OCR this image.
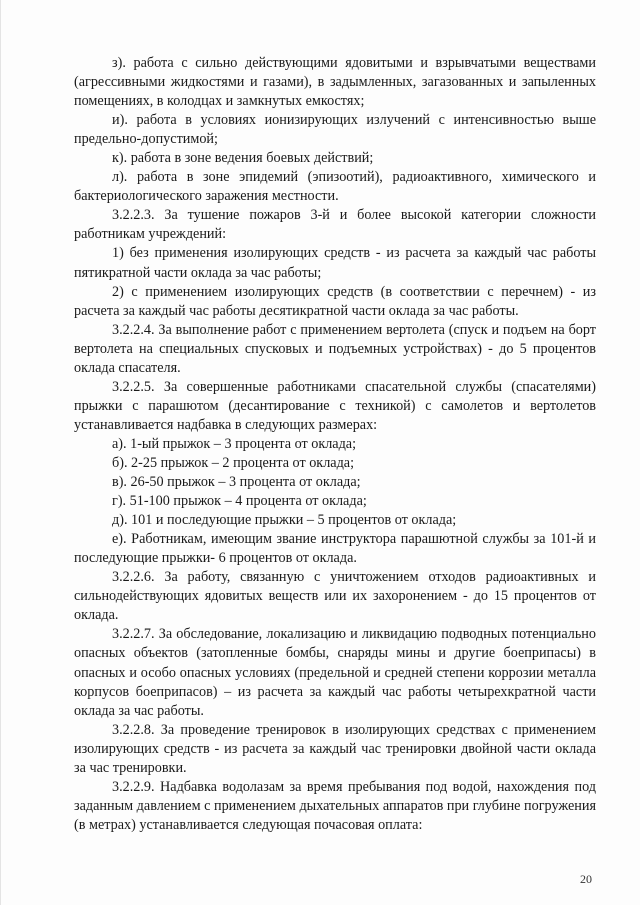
з). работа с сильно действующими ядовитыми и взрывчатыми веществами (агрессивными жидкостями и газами), в задымленных, загазованных и запыленных помещениях, в колодцах и замкнутых емкостях;

и). работа в условиях ионизирующих излучений с интенсивностью выше предельно-допустимой;

к). работа в зоне ведения боевых действий;

л). работа в зоне эпидемий (эпизоотий), радиоактивного, химического и бактериологического заражения местности.

3.2.2.3. За тушение пожаров 3-й и более высокой категории сложности работникам учреждений:

1) без применения изолирующих средств - из расчета за каждый час работы пятикратной части оклада за час работы;

2) с применением изолирующих средств (в соответствии с перечнем) - из расчета за каждый час работы десятикратной части оклада за час работы.

3.2.2.4. За выполнение работ с применением вертолета (спуск и подъем на борт вертолета на специальных спусковых и подъемных устройствах) - до 5 процентов оклада спасателя.

3.2.2.5. За совершенные работниками спасательной службы (спасателями) прыжки с парашютом (десантирование с техникой) с самолетов и вертолетов устанавливается надбавка в следующих размерах:

а). 1-ый прыжок – 3 процента от оклада;

б). 2-25 прыжок – 2 процента от оклада;

в). 26-50 прыжок – 3 процента от оклада;

г). 51-100 прыжок – 4 процента от оклада;

д). 101 и последующие прыжки – 5 процентов от оклада;

е). Работникам, имеющим звание инструктора парашютной службы за 101-й и последующие прыжки- 6 процентов от оклада.

3.2.2.6. За работу, связанную с уничтожением отходов радиоактивных и сильнодействующих ядовитых веществ или их захоронением - до 15 процентов от оклада.

3.2.2.7. За обследование, локализацию и ликвидацию подводных потенциально опасных объектов (затопленные бомбы, снаряды мины и другие боеприпасы) в опасных и особо опасных условиях (предельной и средней степени коррозии металла корпусов боеприпасов) – из расчета за каждый час работы четырехкратной части оклада за час работы.

3.2.2.8. За проведение тренировок в изолирующих средствах с применением изолирующих средств - из расчета за каждый час тренировки двойной части оклада за час тренировки.

3.2.2.9. Надбавка водолазам за время пребывания под водой, нахождения под заданным давлением с применением дыхательных аппаратов при глубине погружения (в метрах) устанавливается следующая почасовая оплата:

20
